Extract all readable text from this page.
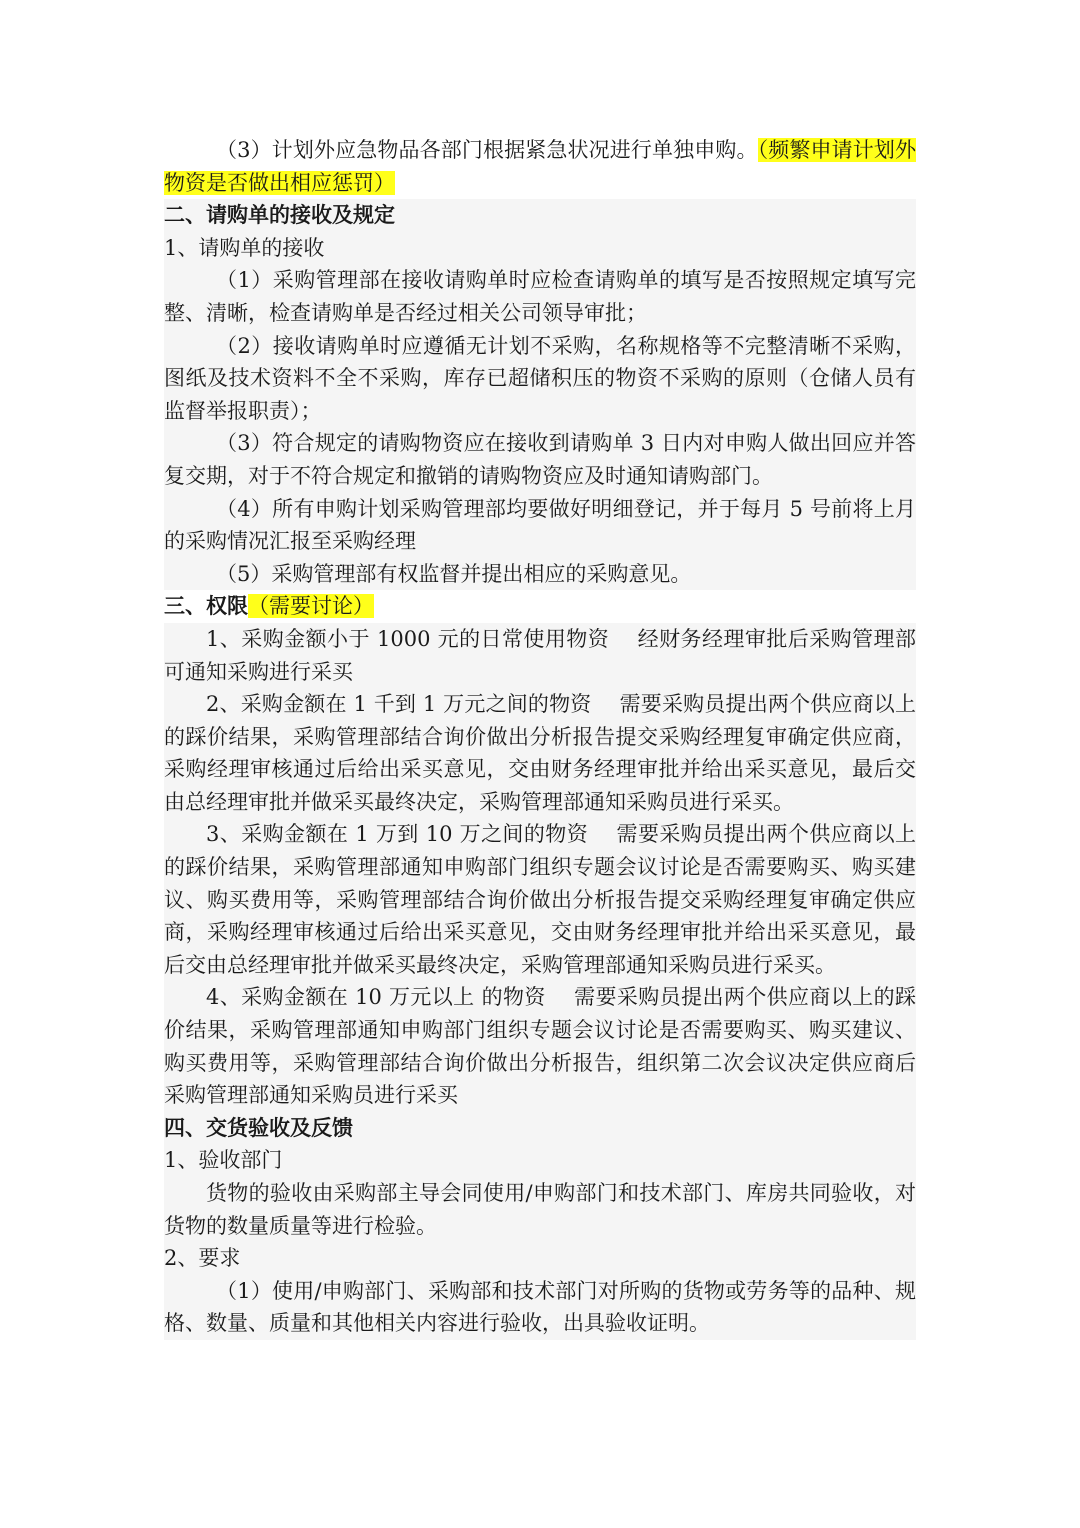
（3）计划外应急物品各部门根据紧急状况进行单独申购。（频繁申请计划外物资是否做出相应惩罚）

二、请购单的接收及规定

1、请购单的接收

（1）采购管理部在接收请购单时应检查请购单的填写是否按照规定填写完整、清晰，检查请购单是否经过相关公司领导审批；

（2）接收请购单时应遵循无计划不采购，名称规格等不完整清晰不采购，图纸及技术资料不全不采购，库存已超储积压的物资不采购的原则（仓储人员有监督举报职责）；

（3）符合规定的请购物资应在接收到请购单 3 日内对申购人做出回应并答复交期，对于不符合规定和撤销的请购物资应及时通知请购部门。

（4）所有申购计划采购管理部均要做好明细登记，并于每月 5 号前将上月的采购情况汇报至采购经理

（5）采购管理部有权监督并提出相应的采购意见。

三、权限（需要讨论）

1、采购金额小于 1000 元的日常使用物资 经财务经理审批后采购管理部可通知采购进行采买

2、采购金额在 1 千到 1 万元之间的物资 需要采购员提出两个供应商以上的踩价结果，采购管理部结合询价做出分析报告提交采购经理复审确定供应商，采购经理审核通过后给出采买意见，交由财务经理审批并给出采买意见，最后交由总经理审批并做采买最终决定，采购管理部通知采购员进行采买。

3、采购金额在 1 万到 10 万之间的物资 需要采购员提出两个供应商以上的踩价结果，采购管理部通知申购部门组织专题会议讨论是否需要购买、购买建议、购买费用等，采购管理部结合询价做出分析报告提交采购经理复审确定供应商，采购经理审核通过后给出采买意见，交由财务经理审批并给出采买意见，最后交由总经理审批并做采买最终决定，采购管理部通知采购员进行采买。

4、采购金额在 10 万元以上 的物资 需要采购员提出两个供应商以上的踩价结果，采购管理部通知申购部门组织专题会议讨论是否需要购买、购买建议、购买费用等，采购管理部结合询价做出分析报告，组织第二次会议决定供应商后采购管理部通知采购员进行采买

四、交货验收及反馈

1、验收部门

货物的验收由采购部主导会同使用/申购部门和技术部门、库房共同验收，对货物的数量质量等进行检验。

2、要求

（1）使用/申购部门、采购部和技术部门对所购的货物或劳务等的品种、规格、数量、质量和其他相关内容进行验收，出具验收证明。
